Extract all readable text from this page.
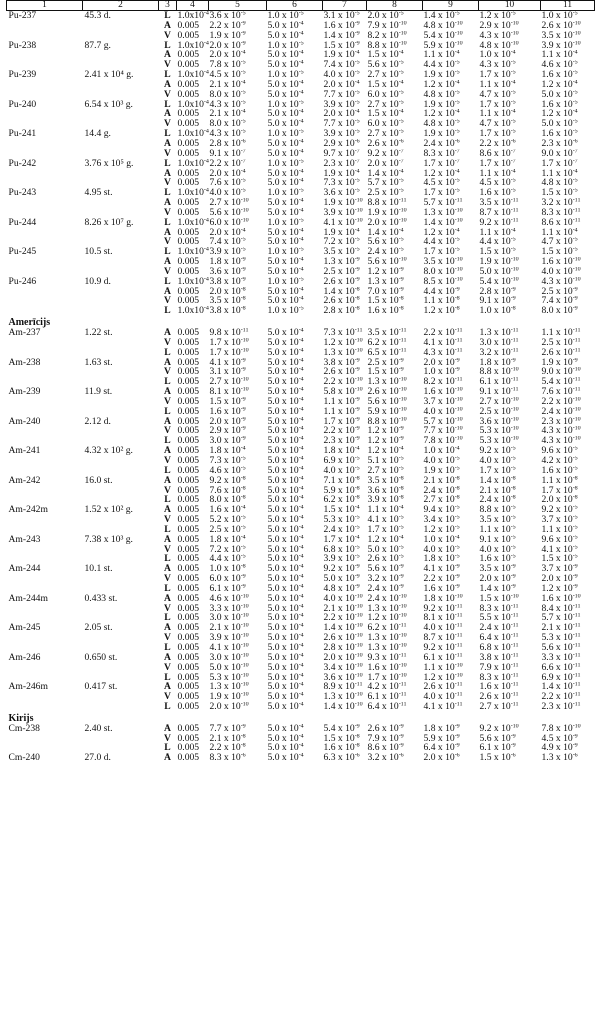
1	2	3	4	5	6	7	8	9	10	11
Pu-237	45.3 d.	L	$1.0x10^{-4}$	3.6 x $10^{-5}$	1.0 x $10^{-5}$	3.1 x $10^{-5}$	2.0 x $10^{-5}$	1.4 x $10^{-5}$	1.2 x $10^{-5}$	1.0 x $10^{-5}$
		Ā	0.005	2.2 x $10^{-9}$	5.0 x $10^{-4}$	1.6 x $10^{-9}$	7.9 x $10^{-10}$	4.8 x $10^{-10}$	2.9 x $10^{-10}$	2.6 x $10^{-10}$
		V	0.005	1.9 x $10^{-9}$	5.0 x $10^{-4}$	1.4 x $10^{-9}$	8.2 x $10^{-10}$	5.4 x $10^{-10}$	4.3 x $10^{-10}$	3.5 x $10^{-10}$
Pu-238	87.7 g.	L	$1.0x10^{-4}$	2.0 x $10^{-9}$	1.0 x $10^{-5}$	1.5 x $10^{-9}$	8.8 x $10^{-10}$	5.9 x $10^{-10}$	4.8 x $10^{-10}$	3.9 x $10^{-10}$
		Ā	0.005	2.0 x $10^{-4}$	5.0 x $10^{-4}$	1.9 x $10^{-4}$	1.5 x $10^{-4}$	1.1 x $10^{-4}$	1.0 x $10^{-4}$	1.1 x $10^{-4}$
		V	0.005	7.8 x $10^{-5}$	5.0 x $10^{-4}$	7.4 x $10^{-5}$	5.6 x $10^{-5}$	4.4 x $10^{-5}$	4.3 x $10^{-5}$	4.6 x $10^{-5}$
Pu-239	2.41 x 10⁴ g.	L	$1.0x10^{-4}$	4.5 x $10^{-5}$	1.0 x $10^{-5}$	4.0 x $10^{-5}$	2.7 x $10^{-5}$	1.9 x $10^{-5}$	1.7 x $10^{-5}$	1.6 x $10^{-5}$
		Ā	0.005	2.1 x $10^{-4}$	5.0 x $10^{-4}$	2.0 x $10^{-4}$	1.5 x $10^{-4}$	1.2 x $10^{-4}$	1.1 x $10^{-4}$	1.2 x $10^{-4}$
		V	0.005	8.0 x $10^{-5}$	5.0 x $10^{-4}$	7.7 x $10^{-5}$	6.0 x $10^{-5}$	4.8 x $10^{-5}$	4.7 x $10^{-5}$	5.0 x $10^{-5}$
Pu-240	6.54 x 10³ g.	L	$1.0x10^{-4}$	4.3 x $10^{-5}$	1.0 x $10^{-5}$	3.9 x $10^{-5}$	2.7 x $10^{-5}$	1.9 x $10^{-5}$	1.7 x $10^{-5}$	1.6 x $10^{-5}$
		Ā	0.005	2.1 x $10^{-4}$	5.0 x $10^{-4}$	2.0 x $10^{-4}$	1.5 x $10^{-4}$	1.2 x $10^{-4}$	1.1 x $10^{-4}$	1.2 x $10^{-4}$
		V	0.005	8.0 x $10^{-5}$	5.0 x $10^{-4}$	7.7 x $10^{-5}$	6.0 x $10^{-5}$	4.8 x $10^{-5}$	4.7 x $10^{-5}$	5.0 x $10^{-5}$
Pu-241	14.4 g.	L	$1.0x10^{-4}$	4.3 x $10^{-5}$	1.0 x $10^{-5}$	3.9 x $10^{-5}$	2.7 x $10^{-5}$	1.9 x $10^{-5}$	1.7 x $10^{-5}$	1.6 x $10^{-5}$
		Ā	0.005	2.8 x $10^{-6}$	5.0 x $10^{-4}$	2.9 x $10^{-6}$	2.6 x $10^{-6}$	2.4 x $10^{-6}$	2.2 x $10^{-6}$	2.3 x $10^{-6}$
		V	0.005	9.1 x $10^{-7}$	5.0 x $10^{-4}$	9.7 x $10^{-7}$	9.2 x $10^{-7}$	8.3 x $10^{-7}$	8.6 x $10^{-7}$	9.0 x $10^{-7}$
Pu-242	3.76 x 10⁵ g.	L	$1.0x10^{-4}$	2.2 x $10^{-7}$	1.0 x $10^{-5}$	2.3 x $10^{-7}$	2.0 x $10^{-7}$	1.7 x $10^{-7}$	1.7 x $10^{-7}$	1.7 x $10^{-7}$
		Ā	0.005	2.0 x $10^{-4}$	5.0 x $10^{-4}$	1.9 x $10^{-4}$	1.4 x $10^{-4}$	1.2 x $10^{-4}$	1.1 x $10^{-4}$	1.1 x $10^{-4}$
		V	0.005	7.6 x $10^{-5}$	5.0 x $10^{-4}$	7.3 x $10^{-5}$	5.7 x $10^{-5}$	4.5 x $10^{-5}$	4.5 x $10^{-5}$	4.8 x $10^{-5}$
Pu-243	4.95 st.	L	$1.0x10^{-4}$	4.0 x $10^{-5}$	1.0 x $10^{-5}$	3.6 x $10^{-5}$	2.5 x $10^{-5}$	1.7 x $10^{-5}$	1.6 x $10^{-5}$	1.5 x $10^{-5}$
		Ā	0.005	2.7 x $10^{-10}$	5.0 x $10^{-4}$	1.9 x $10^{-10}$	8.8 x $10^{-11}$	5.7 x $10^{-11}$	3.5 x $10^{-11}$	3.2 x $10^{-11}$
		V	0.005	5.6 x $10^{-10}$	5.0 x $10^{-4}$	3.9 x $10^{-10}$	1.9 x $10^{-10}$	1.3 x $10^{-10}$	8.7 x $10^{-11}$	8.3 x $10^{-11}$
Pu-244	8.26 x 10⁷ g.	L	$1.0x10^{-4}$	6.0 x $10^{-10}$	1.0 x $10^{-5}$	4.1 x $10^{-10}$	2.0 x $10^{-10}$	1.4 x $10^{-10}$	9.2 x $10^{-11}$	8.6 x $10^{-11}$
		Ā	0.005	2.0 x $10^{-4}$	5.0 x $10^{-4}$	1.9 x $10^{-4}$	1.4 x $10^{-4}$	1.2 x $10^{-4}$	1.1 x $10^{-4}$	1.1 x $10^{-4}$
		V	0.005	7.4 x $10^{-5}$	5.0 x $10^{-4}$	7.2 x $10^{-5}$	5.6 x $10^{-5}$	4.4 x $10^{-5}$	4.4 x $10^{-5}$	4.7 x $10^{-5}$
Pu-245	10.5 st.	L	$1.0x10^{-4}$	3.9 x $10^{-5}$	1.0 x $10^{-5}$	3.5 x $10^{-5}$	2.4 x $10^{-5}$	1.7 x $10^{-5}$	1.5 x $10^{-5}$	1.5 x $10^{-5}$
		Ā	0.005	1.8 x $10^{-9}$	5.0 x $10^{-4}$	1.3 x $10^{-9}$	5.6 x $10^{-10}$	3.5 x $10^{-10}$	1.9 x $10^{-10}$	1.6 x $10^{-10}$
		V	0.005	3.6 x $10^{-9}$	5.0 x $10^{-4}$	2.5 x $10^{-9}$	1.2 x $10^{-9}$	8.0 x $10^{-10}$	5.0 x $10^{-10}$	4.0 x $10^{-10}$
Pu-246	10.9 d.	L	$1.0x10^{-4}$	3.8 x $10^{-9}$	1.0 x $10^{-5}$	2.6 x $10^{-9}$	1.3 x $10^{-9}$	8.5 x $10^{-10}$	5.4 x $10^{-10}$	4.3 x $10^{-10}$
		Ā	0.005	2.0 x $10^{-8}$	5.0 x $10^{-4}$	1.4 x $10^{-8}$	7.0 x $10^{-9}$	4.4 x $10^{-9}$	2.8 x $10^{-9}$	2.5 x $10^{-9}$
		V	0.005	3.5 x $10^{-8}$	5.0 x $10^{-4}$	2.6 x $10^{-8}$	1.5 x $10^{-8}$	1.1 x $10^{-8}$	9.1 x $10^{-9}$	7.4 x $10^{-9}$
		L	$1.0x10^{-4}$	3.8 x $10^{-8}$	1.0 x $10^{-5}$	2.8 x $10^{-8}$	1.6 x $10^{-8}$	1.2 x $10^{-8}$	1.0 x $10^{-8}$	8.0 x $10^{-9}$
Amerīcijs										
Am-237	1.22 st.	Ā	0.005	9.8 x $10^{-11}$	5.0 x $10^{-4}$	7.3 x $10^{-11}$	3.5 x $10^{-11}$	2.2 x $10^{-11}$	1.3 x $10^{-11}$	1.1 x $10^{-11}$
		V	0.005	1.7 x $10^{-10}$	5.0 x $10^{-4}$	1.2 x $10^{-10}$	6.2 x $10^{-11}$	4.1 x $10^{-11}$	3.0 x $10^{-11}$	2.5 x $10^{-11}$
		L	0.005	1.7 x $10^{-10}$	5.0 x $10^{-4}$	1.3 x $10^{-10}$	6.5 x $10^{-11}$	4.3 x $10^{-11}$	3.2 x $10^{-11}$	2.6 x $10^{-11}$
Am-238	1.63 st.	Ā	0.005	4.1 x $10^{-9}$	5.0 x $10^{-4}$	3.8 x $10^{-9}$	2.5 x $10^{-9}$	2.0 x $10^{-9}$	1.8 x $10^{-9}$	1.9 x $10^{-9}$
		V	0.005	3.1 x $10^{-9}$	5.0 x $10^{-4}$	2.6 x $10^{-9}$	1.5 x $10^{-9}$	1.0 x $10^{-9}$	8.8 x $10^{-10}$	9.0 x $10^{-10}$
		L	0.005	2.7 x $10^{-10}$	5.0 x $10^{-4}$	2.2 x $10^{-10}$	1.3 x $10^{-10}$	8.2 x $10^{-11}$	6.1 x $10^{-11}$	5.4 x $10^{-11}$
Am-239	11.9 st.	Ā	0.005	8.1 x $10^{-10}$	5.0 x $10^{-4}$	5.8 x $10^{-10}$	2.6 x $10^{-10}$	1.6 x $10^{-10}$	9.1 x $10^{-11}$	7.6 x $10^{-11}$
		V	0.005	1.5 x $10^{-9}$	5.0 x $10^{-4}$	1.1 x $10^{-9}$	5.6 x $10^{-10}$	3.7 x $10^{-10}$	2.7 x $10^{-10}$	2.2 x $10^{-10}$
		L	0.005	1.6 x $10^{-9}$	5.0 x $10^{-4}$	1.1 x $10^{-9}$	5.9 x $10^{-10}$	4.0 x $10^{-10}$	2.5 x $10^{-10}$	2.4 x $10^{-10}$
Am-240	2.12 d.	Ā	0.005	2.0 x $10^{-9}$	5.0 x $10^{-4}$	1.7 x $10^{-9}$	8.8 x $10^{-10}$	5.7 x $10^{-10}$	3.6 x $10^{-10}$	2.3 x $10^{-10}$
		V	0.005	2.9 x $10^{-9}$	5.0 x $10^{-4}$	2.2 x $10^{-9}$	1.2 x $10^{-9}$	7.7 x $10^{-10}$	5.3 x $10^{-10}$	4.3 x $10^{-10}$
		L	0.005	3.0 x $10^{-9}$	5.0 x $10^{-4}$	2.3 x $10^{-9}$	1.2 x $10^{-9}$	7.8 x $10^{-10}$	5.3 x $10^{-10}$	4.3 x $10^{-10}$
Am-241	4.32 x 10² g.	Ā	0.005	1.8 x $10^{-4}$	5.0 x $10^{-4}$	1.8 x $10^{-4}$	1.2 x $10^{-4}$	1.0 x $10^{-4}$	9.2 x $10^{-5}$	9.6 x $10^{-5}$
		V	0.005	7.3 x $10^{-5}$	5.0 x $10^{-4}$	6.9 x $10^{-5}$	5.1 x $10^{-5}$	4.0 x $10^{-5}$	4.0 x $10^{-5}$	4.2 x $10^{-5}$
		L	0.005	4.6 x $10^{-5}$	5.0 x $10^{-4}$	4.0 x $10^{-5}$	2.7 x $10^{-5}$	1.9 x $10^{-5}$	1.7 x $10^{-5}$	1.6 x $10^{-5}$
Am-242	16.0 st.	Ā	0.005	9.2 x $10^{-8}$	5.0 x $10^{-4}$	7.1 x $10^{-8}$	3.5 x $10^{-8}$	2.1 x $10^{-8}$	1.4 x $10^{-8}$	1.1 x $10^{-8}$
		V	0.005	7.6 x $10^{-8}$	5.0 x $10^{-4}$	5.9 x $10^{-8}$	3.6 x $10^{-8}$	2.4 x $10^{-8}$	2.1 x $10^{-8}$	1.7 x $10^{-8}$
		L	0.005	8.0 x $10^{-8}$	5.0 x $10^{-4}$	6.2 x $10^{-8}$	3.9 x $10^{-8}$	2.7 x $10^{-8}$	2.4 x $10^{-8}$	2.0 x $10^{-8}$
Am-242m	1.52 x 10² g.	Ā	0.005	1.6 x $10^{-4}$	5.0 x $10^{-4}$	1.5 x $10^{-4}$	1.1 x $10^{-4}$	9.4 x $10^{-5}$	8.8 x $10^{-5}$	9.2 x $10^{-5}$
		V	0.005	5.2 x $10^{-5}$	5.0 x $10^{-4}$	5.3 x $10^{-5}$	4.1 x $10^{-5}$	3.4 x $10^{-5}$	3.5 x $10^{-5}$	3.7 x $10^{-5}$
		L	0.005	2.5 x $10^{-5}$	5.0 x $10^{-4}$	2.4 x $10^{-5}$	1.7 x $10^{-5}$	1.2 x $10^{-5}$	1.1 x $10^{-5}$	1.1 x $10^{-5}$
Am-243	7.38 x 10³ g.	Ā	0.005	1.8 x $10^{-4}$	5.0 x $10^{-4}$	1.7 x $10^{-4}$	1.2 x $10^{-4}$	1.0 x $10^{-4}$	9.1 x $10^{-5}$	9.6 x $10^{-5}$
		V	0.005	7.2 x $10^{-5}$	5.0 x $10^{-4}$	6.8 x $10^{-5}$	5.0 x $10^{-5}$	4.0 x $10^{-5}$	4.0 x $10^{-5}$	4.1 x $10^{-5}$
		L	0.005	4.4 x $10^{-5}$	5.0 x $10^{-4}$	3.9 x $10^{-5}$	2.6 x $10^{-5}$	1.8 x $10^{-5}$	1.6 x $10^{-5}$	1.5 x $10^{-5}$
Am-244	10.1 st.	Ā	0.005	1.0 x $10^{-8}$	5.0 x $10^{-4}$	9.2 x $10^{-9}$	5.6 x $10^{-9}$	4.1 x $10^{-9}$	3.5 x $10^{-9}$	3.7 x $10^{-9}$
		V	0.005	6.0 x $10^{-9}$	5.0 x $10^{-4}$	5.0 x $10^{-9}$	3.2 x $10^{-9}$	2.2 x $10^{-9}$	2.0 x $10^{-9}$	2.0 x $10^{-9}$
		L	0.005	6.1 x $10^{-9}$	5.0 x $10^{-4}$	4.8 x $10^{-9}$	2.4 x $10^{-9}$	1.6 x $10^{-9}$	1.4 x $10^{-9}$	1.2 x $10^{-9}$
Am-244m	0.433 st.	Ā	0.005	4.6 x $10^{-10}$	5.0 x $10^{-4}$	4.0 x $10^{-10}$	2.4 x $10^{-10}$	1.8 x $10^{-10}$	1.5 x $10^{-10}$	1.6 x $10^{-10}$
		V	0.005	3.3 x $10^{-10}$	5.0 x $10^{-4}$	2.1 x $10^{-10}$	1.3 x $10^{-10}$	9.2 x $10^{-11}$	8.3 x $10^{-11}$	8.4 x $10^{-11}$
		L	0.005	3.0 x $10^{-10}$	5.0 x $10^{-4}$	2.2 x $10^{-10}$	1.2 x $10^{-10}$	8.1 x $10^{-11}$	5.5 x $10^{-11}$	5.7 x $10^{-11}$
Am-245	2.05 st.	Ā	0.005	2.1 x $10^{-10}$	5.0 x $10^{-4}$	1.4 x $10^{-10}$	6.2 x $10^{-11}$	4.0 x $10^{-11}$	2.4 x $10^{-11}$	2.1 x $10^{-11}$
		V	0.005	3.9 x $10^{-10}$	5.0 x $10^{-4}$	2.6 x $10^{-10}$	1.3 x $10^{-10}$	8.7 x $10^{-11}$	6.4 x $10^{-11}$	5.3 x $10^{-11}$
		L	0.005	4.1 x $10^{-10}$	5.0 x $10^{-4}$	2.8 x $10^{-10}$	1.3 x $10^{-10}$	9.2 x $10^{-11}$	6.8 x $10^{-11}$	5.6 x $10^{-11}$
Am-246	0.650 st.	Ā	0.005	3.0 x $10^{-10}$	5.0 x $10^{-4}$	2.0 x $10^{-10}$	9.3 x $10^{-11}$	6.1 x $10^{-11}$	3.8 x $10^{-11}$	3.3 x $10^{-11}$
		V	0.005	5.0 x $10^{-10}$	5.0 x $10^{-4}$	3.4 x $10^{-10}$	1.6 x $10^{-10}$	1.1 x $10^{-10}$	7.9 x $10^{-11}$	6.6 x $10^{-11}$
		L	0.005	5.3 x $10^{-10}$	5.0 x $10^{-4}$	3.6 x $10^{-10}$	1.7 x $10^{-10}$	1.2 x $10^{-10}$	8.3 x $10^{-11}$	6.9 x $10^{-11}$
Am-246m	0.417 st.	Ā	0.005	1.3 x $10^{-10}$	5.0 x $10^{-4}$	8.9 x $10^{-11}$	4.2 x $10^{-11}$	2.6 x $10^{-11}$	1.6 x $10^{-11}$	1.4 x $10^{-11}$
		V	0.005	1.9 x $10^{-10}$	5.0 x $10^{-4}$	1.3 x $10^{-10}$	6.1 x $10^{-11}$	4.0 x $10^{-11}$	2.6 x $10^{-11}$	2.2 x $10^{-11}$
		L	0.005	2.0 x $10^{-10}$	5.0 x $10^{-4}$	1.4 x $10^{-10}$	6.4 x $10^{-11}$	4.1 x $10^{-11}$	2.7 x $10^{-11}$	2.3 x $10^{-11}$
Kirijs										
Cm-238	2.40 st.	Ā	0.005	7.7 x $10^{-9}$	5.0 x $10^{-4}$	5.4 x $10^{-9}$	2.6 x $10^{-9}$	1.8 x $10^{-9}$	9.2 x $10^{-10}$	7.8 x $10^{-10}$
		V	0.005	2.1 x $10^{-8}$	5.0 x $10^{-4}$	1.5 x $10^{-8}$	7.9 x $10^{-9}$	5.9 x $10^{-9}$	5.6 x $10^{-9}$	4.5 x $10^{-9}$
		L	0.005	2.2 x $10^{-8}$	5.0 x $10^{-4}$	1.6 x $10^{-8}$	8.6 x $10^{-9}$	6.4 x $10^{-9}$	6.1 x $10^{-9}$	4.9 x $10^{-9}$
Cm-240	27.0 d.	Ā	0.005	8.3 x $10^{-6}$	5.0 x $10^{-4}$	6.3 x $10^{-6}$	3.2 x $10^{-6}$	2.0 x $10^{-6}$	1.5 x $10^{-6}$	1.3 x $10^{-6}$
